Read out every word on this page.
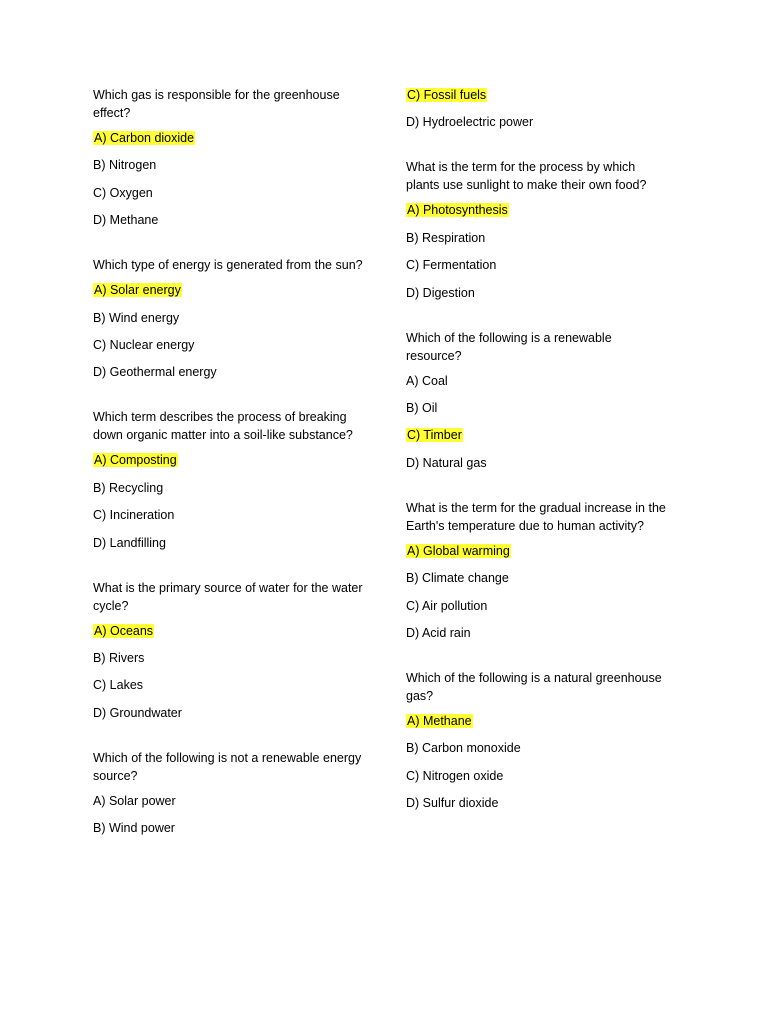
Which gas is responsible for the greenhouse effect?
A) Carbon dioxide
B) Nitrogen
C) Oxygen
D) Methane
Which type of energy is generated from the sun?
A) Solar energy
B) Wind energy
C) Nuclear energy
D) Geothermal energy
Which term describes the process of breaking down organic matter into a soil-like substance?
A) Composting
B) Recycling
C) Incineration
D) Landfilling
What is the primary source of water for the water cycle?
A) Oceans
B) Rivers
C) Lakes
D) Groundwater
Which of the following is not a renewable energy source?
A) Solar power
B) Wind power
C) Fossil fuels
D) Hydroelectric power
What is the term for the process by which plants use sunlight to make their own food?
A) Photosynthesis
B) Respiration
C) Fermentation
D) Digestion
Which of the following is a renewable resource?
A) Coal
B) Oil
C) Timber
D) Natural gas
What is the term for the gradual increase in the Earth's temperature due to human activity?
A) Global warming
B) Climate change
C) Air pollution
D) Acid rain
Which of the following is a natural greenhouse gas?
A) Methane
B) Carbon monoxide
C) Nitrogen oxide
D) Sulfur dioxide
